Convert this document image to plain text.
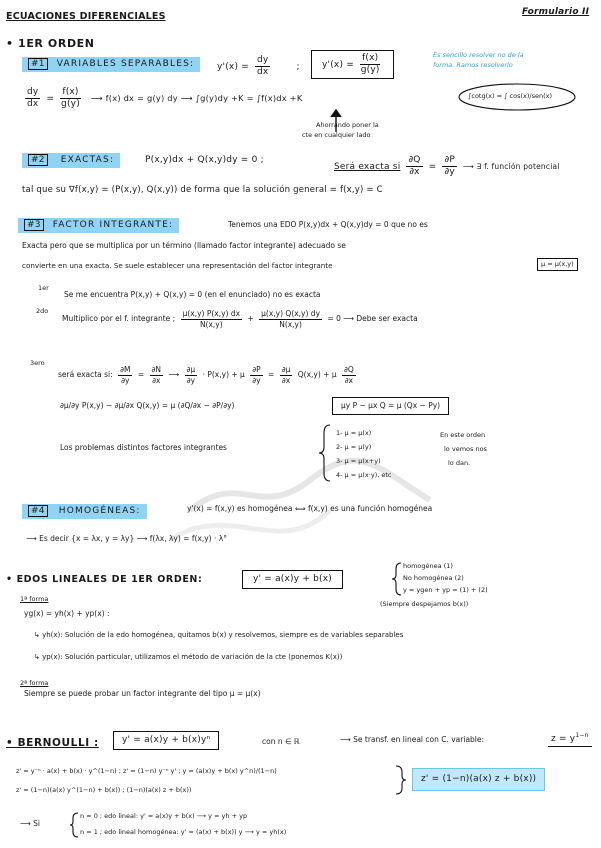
ECUACIONES DIFERENCIALES	Formulario II
• 1ER ORDEN
#1 VARIABLES SEPARABLES:	$y'(x) = \frac{dy}{dx}$	;	$y'(x) = \frac{f(x)}{g(y)}$	Es sencillo resolver no de la
forma. Ramos resolverlo
$\frac{dy}{dx} = \frac{f(x)}{g(y)}$ ⟶ f(x) dx = g(y) dy ⟶ ∫g(y)dy +K = ∫f(x)dx +K
Ahorrando poner la
cte en cualquier lado
∫cotg(x) = ∫ cos(x)/sen(x)
#2 EXACTAS:	P(x,y)dx + Q(x,y)dy = 0 ;
Será exacta si $\frac{\partial Q}{\partial x} = \frac{\partial P}{\partial y}$ ⟶ ∃ f. función potencial
tal que su ∇f(x,y) = (P(x,y), Q(x,y)) de forma que la solución general = f(x,y) = C
#3 FACTOR INTEGRANTE:	Tenemos una EDO P(x,y)dx + Q(x,y)dy = 0 que no es
Exacta pero que se multiplica por un término (llamado factor integrante) adecuado se
convierte en una exacta. Se suele establecer una representación del factor integrante	μ = μ(x,y)
1er
Se me encuentra P(x,y) + Q(x,y) = 0 (en el enunciado) no es exacta
2do
Multiplico por el f. integrante ; $\frac{\mu(x,y) P(x,y) dx}{N(x,y)} + \frac{\mu(x,y) Q(x,y) dy}{N(x,y)} = 0$ ⟶ Debe ser exacta
3ero
será exacta si: $\frac{\partial M}{\partial y} = \frac{\partial N}{\partial x}$ ⟶ $\frac{\partial\mu}{\partial y} \cdot P(x,y) + \mu \frac{\partial P}{\partial y} = \frac{\partial\mu}{\partial x} Q(x,y) + \mu \frac{\partial Q}{\partial x}$
∂μ/∂y P(x,y) − ∂μ/∂x Q(x,y) = μ (∂Q/∂x − ∂P/∂y)	μy P − μx Q = μ (Qx − Py)
Los problemas distintos factores integrantes
1- μ = μ(x)
2- μ = μ(y)
3- μ = μ(x+y)
4- μ = μ(x·y), etc
En este orden
lo vemos nos
lo dan.
#4 HOMOGÉNEAS:	y'(x) = f(x,y) es homogénea ⟺ f(x,y) es una función homogénea
⟶ Es decir {x = λx, y = λy} ⟶ f(λx, λy) = f(x,y) · λ°
• EDOS LINEALES DE 1ER ORDEN:	y' = a(x)y + b(x)
homogénea (1)
No homogénea (2)
y = ygen + yp = (1) + (2)
(Siempre despejamos b(x))
1ª forma
yg(x) = yh(x) + yp(x) :
↳ yh(x): Solución de la edo homogénea, quitamos b(x) y resolvemos, siempre es de variables separables
↳ yp(x): Solución particular, utilizamos el método de variación de la cte (ponemos K(x))
2ª forma
Siempre se puede probar un factor integrante del tipo μ = μ(x)
• BERNOULLI :	y' = a(x)y + b(x)yⁿ	con n ∈ ℝ	⟶ Se transf. en lineal con C. variable:	$z = y^{1-n}$
z' = y⁻ⁿ · a(x) + b(x) · y^(1−n) ; z' = (1−n) y⁻ⁿ y' ; y = (a(x)y + b(x) y^n)/(1−n)
z' = (1−n)(a(x) y^(1−n) + b(x)) ; (1−n)(a(x) z + b(x))
z' = (1−n)(a(x) z + b(x))
⟶ Si
n = 0 ; edo lineal: y' = a(x)y + b(x) ⟶ y = yh + yp
n = 1 ; edo lineal homogénea: y' = (a(x) + b(x)) y ⟶ y = yh(x)
